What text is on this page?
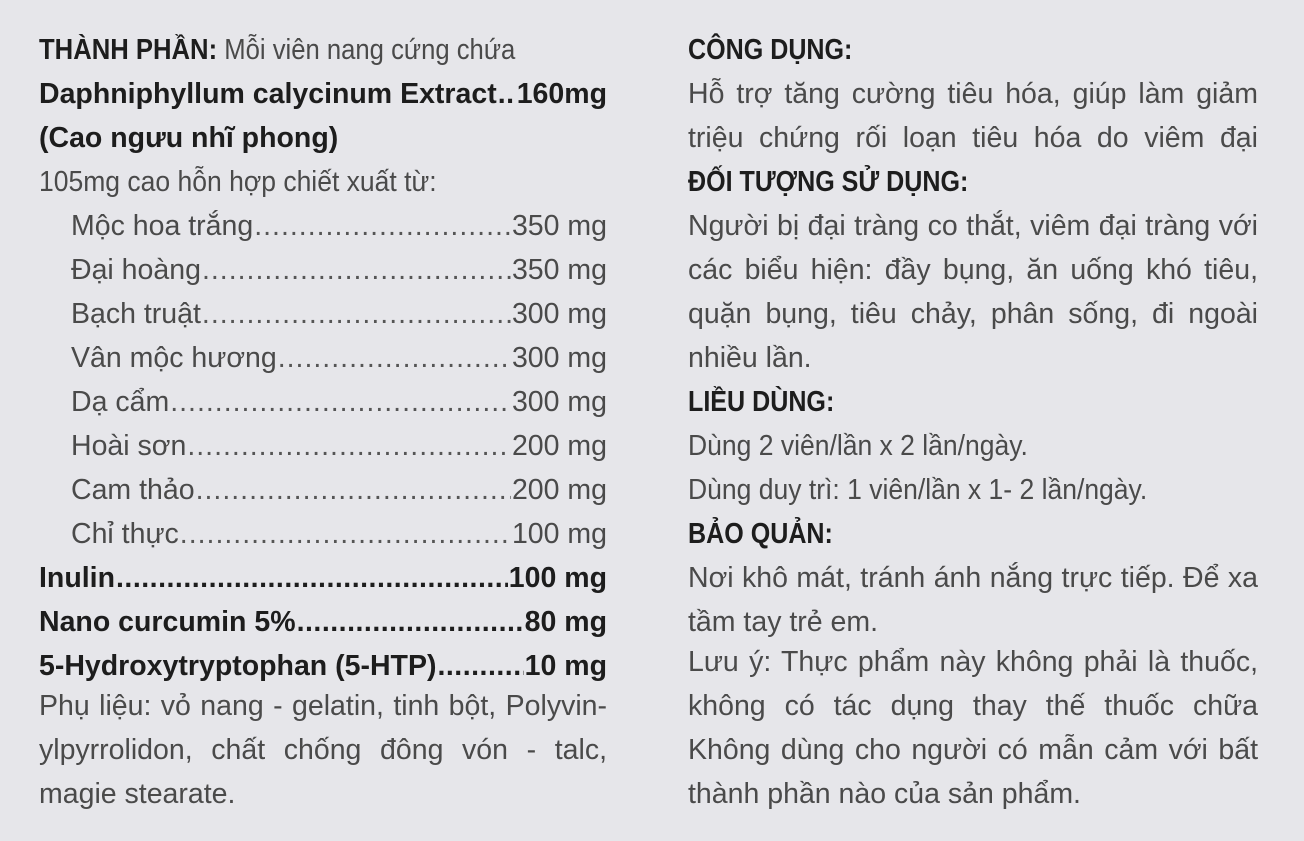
THÀNH PHẦN: Mỗi viên nang cứng chứa
Daphniphyllum calycinum Extract ..... 160mg
(Cao ngưu nhĩ phong)
105mg cao hỗn hợp chiết xuất từ:
Mộc hoa trắng .....	350 mg
Đại hoàng .....	350 mg
Bạch truật .....	300 mg
Vân mộc hương .....	300 mg
Dạ cẩm .....	300 mg
Hoài sơn .....	200 mg
Cam thảo .....	200 mg
Chỉ thực .....	100 mg
Inulin .....	100 mg
Nano curcumin 5% .....	80 mg
5-Hydroxytryptophan (5-HTP) .....	10 mg
Phụ liệu: vỏ nang - gelatin, tinh bột, Polyvin-
ylpyrrolidon, chất chống đông vón - talc,
magie stearate.
CÔNG DỤNG:
Hỗ trợ tăng cường tiêu hóa, giúp làm giảm
triệu chứng rối loạn tiêu hóa do viêm đại
ĐỐI TƯỢNG SỬ DỤNG:
Người bị đại tràng co thắt, viêm đại tràng với
các biểu hiện: đầy bụng, ăn uống khó tiêu,
quặn bụng, tiêu chảy, phân sống, đi ngoài
nhiều lần.
LIỀU DÙNG:
Dùng 2 viên/lần x 2 lần/ngày.
Dùng duy trì: 1 viên/lần x 1- 2 lần/ngày.
BẢO QUẢN:
Nơi khô mát, tránh ánh nắng trực tiếp. Để xa
tầm tay trẻ em.
Lưu ý: Thực phẩm này không phải là thuốc,
không có tác dụng thay thế thuốc chữa
Không dùng cho người có mẫn cảm với bất
thành phần nào của sản phẩm.
